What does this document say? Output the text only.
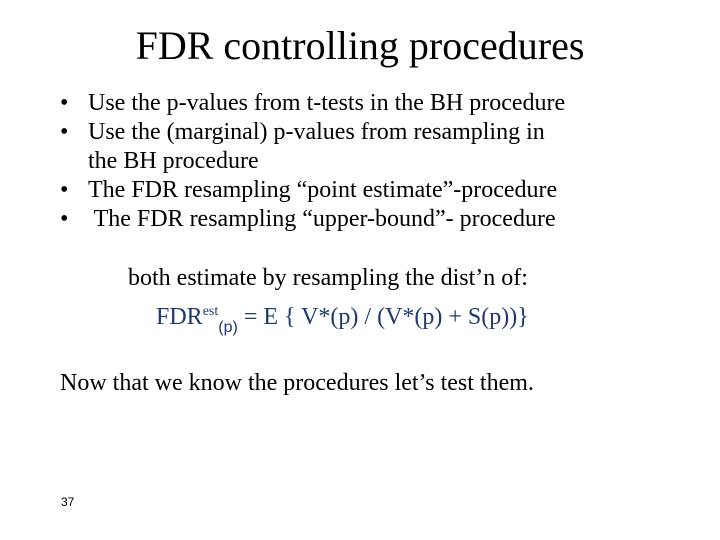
FDR controlling procedures
• Use the p-values from t-tests in the BH procedure
• Use the (marginal) p-values from resampling in
the BH procedure
• The FDR resampling “point estimate”-procedure
• The FDR resampling “upper-bound”- procedure
both estimate by resampling the dist’n of:
$FDR^{est}_{(p)} = E$ { V*(p) / (V*(p) + S(p))}
Now that we know the procedures let’s test them.
37
